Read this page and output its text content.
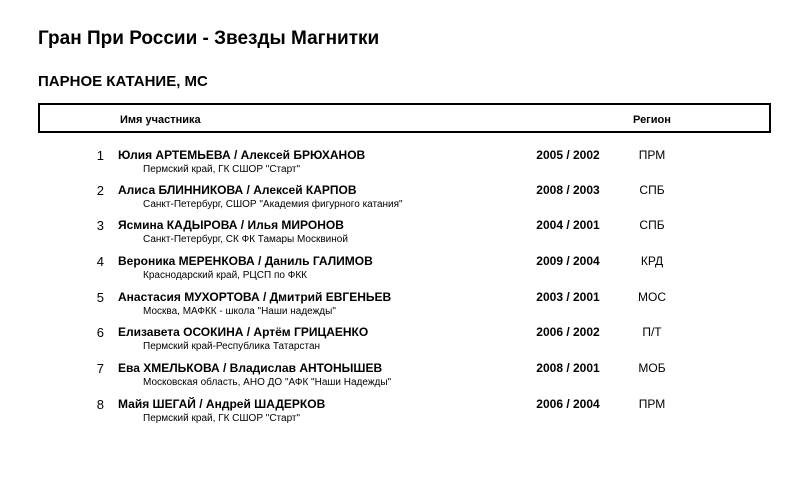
Гран При России - Звезды Магнитки
ПАРНОЕ КАТАНИЕ, МС
Имя участника	Регион
1 Юлия АРТЕМЬЕВА / Алексей БРЮХАНОВ
Пермский край, ГК СШОР "Старт"
2005 / 2002	ПРМ
2 Алиса БЛИННИКОВА / Алексей КАРПОВ
Санкт-Петербург, СШОР "Академия фигурного катания"
2008 / 2003	СПБ
3 Ясмина КАДЫРОВА / Илья МИРОНОВ
Санкт-Петербург, СК ФК Тамары Москвиной
2004 / 2001	СПБ
4 Вероника МЕРЕНКОВА / Даниль ГАЛИМОВ
Краснодарский край, РЦСП по ФКК
2009 / 2004	КРД
5 Анастасия МУХОРТОВА / Дмитрий ЕВГЕНЬЕВ
Москва, МАФКК - школа "Наши надежды"
2003 / 2001	МОС
6 Елизавета ОСОКИНА / Артём ГРИЦАЕНКО
Пермский край-Республика Татарстан
2006 / 2002	П/Т
7 Ева ХМЕЛЬКОВА / Владислав АНТОНЫШЕВ
Московская область, АНО ДО "АФК "Наши Надежды"
2008 / 2001	МОБ
8 Майя ШЕГАЙ / Андрей ШАДЕРКОВ
Пермский край, ГК СШОР "Старт"
2006 / 2004	ПРМ
